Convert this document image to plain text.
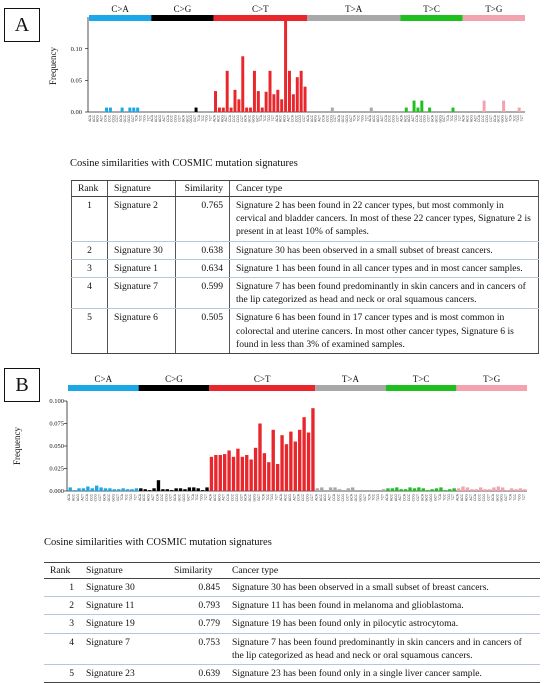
A
C>A	C>G	C>T	T>A	T>C	T>G
0.00
0.05
0.10
Frequency
ACA ACC ACG ACT CCA CCC CCG CCT GCA GCC GCG GCT TCA TCC TCG TCT ACA ACC ACG ACT CCA CCC CCG CCT GCA GCC GCG GCT TCA TCC TCG TCT ACA ACC ACG ACT CCA CCC CCG CCT GCA GCC GCG GCT TCA TCC TCG TCT ACA ACC ACG ACT CCA CCC CCG CCT ACA ACC ACG ACT CCA CCC CCG CCT GCA GCC GCG GCT TCA TCC TCG TCT ACA ACC ACG ACT CCA CCC CCG CCT ACA ACC ACG ACT CCA CCC CCG CCT GCA GCC GCG GCT TCA TCC TCG TCT ACA ACC ACG ACT CCA CCC CCG CCT GCA GCC GCG GCT TCA TCC TCG TCT
Cosine similarities with COSMIC mutation signatures
Rank	Signature	Similarity	Cancer type
1	Signature 2	0.765	Signature 2 has been found in 22 cancer types, but most commonly in cervical and bladder cancers. In most of these 22 cancer types, Signature 2 is present in at least 10% of samples.
2	Signature 30	0.638	Signature 30 has been observed in a small subset of breast cancers.
3	Signature 1	0.634	Signature 1 has been found in all cancer types and in most cancer samples.
4	Signature 7	0.599	Signature 7 has been found predominantly in skin cancers and in cancers of the lip categorized as head and neck or oral squamous cancers.
5	Signature 6	0.505	Signature 6 has been found in 17 cancer types and is most common in colorectal and uterine cancers. In most other cancer types, Signature 6 is found in less than 3% of examined samples.
B	C>A	C>G	C>T	T>A	T>C	T>G
0.000
0.025
0.050
0.075
0.100
Frequency
ACA ACC ACG ACT CCA CCC CCG CCT GCA GCC GCG GCT TCA TCC TCG TCT ACA ACC ACG ACT CCA CCC CCG CCT GCA GCC GCG GCT TCA TCC TCG TCT ACA ACC ACG ACT CCA CCC CCG CCT GCA GCC GCG GCT TCA TCC TCG TCT ACA ACC ACG ACT CCA CCC CCG CCT ACA ACC ACG ACT CCA CCC CCG CCT GCA GCC GCG GCT TCA TCC TCG TCT ACA ACC ACG ACT CCA CCC CCG CCT GCA GCC GCG GCT TCA TCC TCG TCT ACA ACC ACG ACT CCA CCC CCG CCT GCA GCC GCG GCT TCA TCC TCG TCT
Cosine similarities with COSMIC mutation signatures
Rank	Signature	Similarity	Cancer type
1	Signature 30	0.845	Signature 30 has been observed in a small subset of breast cancers.
2	Signature 11	0.793	Signature 11 has been found in melanoma and glioblastoma.
3	Signature 19	0.779	Signature 19 has been found only in pilocytic astrocytoma.
4	Signature 7	0.753	Signature 7 has been found predominantly in skin cancers and in cancers of the lip categorized as head and neck or oral squamous cancers.
5	Signature 23	0.639	Signature 23 has been found only in a single liver cancer sample.
